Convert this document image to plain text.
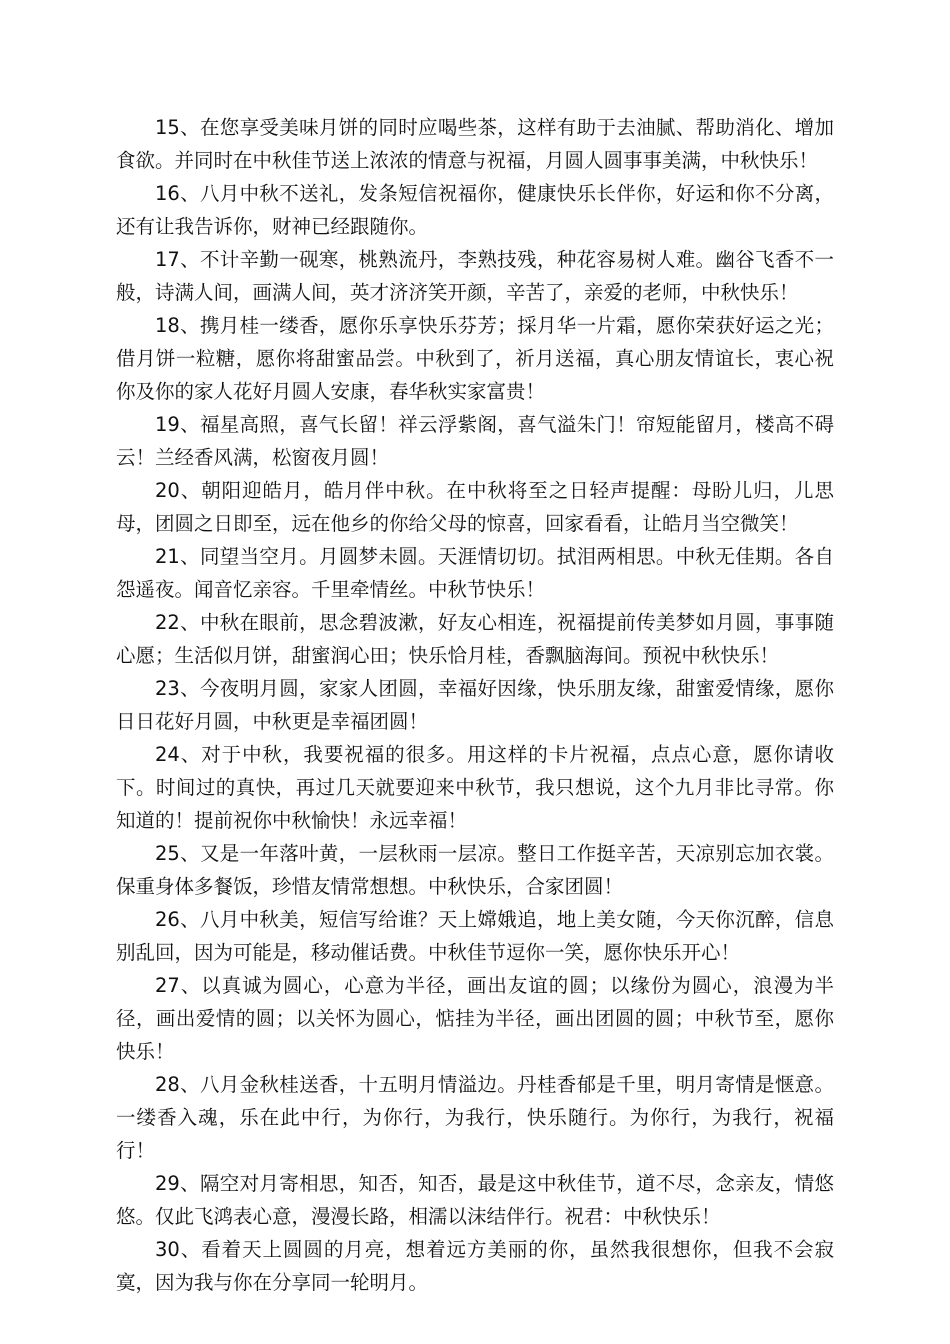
15、在您享受美味月饼的同时应喝些茶，这样有助于去油腻、帮助消化、增加食欲。并同时在中秋佳节送上浓浓的情意与祝福，月圆人圆事事美满，中秋快乐！

16、八月中秋不送礼，发条短信祝福你，健康快乐长伴你，好运和你不分离，还有让我告诉你，财神已经跟随你。

17、不计辛勤一砚寒，桃熟流丹，李熟技残，种花容易树人难。幽谷飞香不一般，诗满人间，画满人间，英才济济笑开颜，辛苦了，亲爱的老师，中秋快乐！

18、携月桂一缕香，愿你乐享快乐芬芳；採月华一片霜，愿你荣获好运之光；借月饼一粒糖，愿你将甜蜜品尝。中秋到了，祈月送福，真心朋友情谊长，衷心祝你及你的家人花好月圆人安康，春华秋实家富贵！

19、福星高照，喜气长留！祥云浮紫阁，喜气溢朱门！帘短能留月，楼高不碍云！兰经香风满，松窗夜月圆！

20、朝阳迎皓月，皓月伴中秋。在中秋将至之日轻声提醒：母盼儿归，儿思母，团圆之日即至，远在他乡的你给父母的惊喜，回家看看，让皓月当空微笑！

21、同望当空月。月圆梦未圆。天涯情切切。拭泪两相思。中秋无佳期。各自怨遥夜。闻音忆亲容。千里牵情丝。中秋节快乐！

22、中秋在眼前，思念碧波漱，好友心相连，祝福提前传美梦如月圆，事事随心愿；生活似月饼，甜蜜润心田；快乐恰月桂，香飘脑海间。预祝中秋快乐！

23、今夜明月圆，家家人团圆，幸福好因缘，快乐朋友缘，甜蜜爱情缘，愿你日日花好月圆，中秋更是幸福团圆！

24、对于中秋，我要祝福的很多。用这样的卡片祝福，点点心意，愿你请收下。时间过的真快，再过几天就要迎来中秋节，我只想说，这个九月非比寻常。你知道的！提前祝你中秋愉快！永远幸福！

25、又是一年落叶黄，一层秋雨一层凉。整日工作挺辛苦，天凉别忘加衣裳。保重身体多餐饭，珍惜友情常想想。中秋快乐，合家团圆！

26、八月中秋美，短信写给谁？天上嫦娥追，地上美女随，今天你沉醉，信息别乱回，因为可能是，移动催话费。中秋佳节逗你一笑，愿你快乐开心！

27、以真诚为圆心，心意为半径，画出友谊的圆；以缘份为圆心，浪漫为半径，画出爱情的圆；以关怀为圆心，惦挂为半径，画出团圆的圆；中秋节至，愿你快乐！

28、八月金秋桂送香，十五明月情溢边。丹桂香郁是千里，明月寄情是惬意。一缕香入魂，乐在此中行，为你行，为我行，快乐随行。为你行，为我行，祝福行！

29、隔空对月寄相思，知否，知否，最是这中秋佳节，道不尽，念亲友，情悠悠。仅此飞鸿表心意，漫漫长路，相濡以沫结伴行。祝君：中秋快乐！

30、看着天上圆圆的月亮，想着远方美丽的你，虽然我很想你，但我不会寂寞，因为我与你在分享同一轮明月。
